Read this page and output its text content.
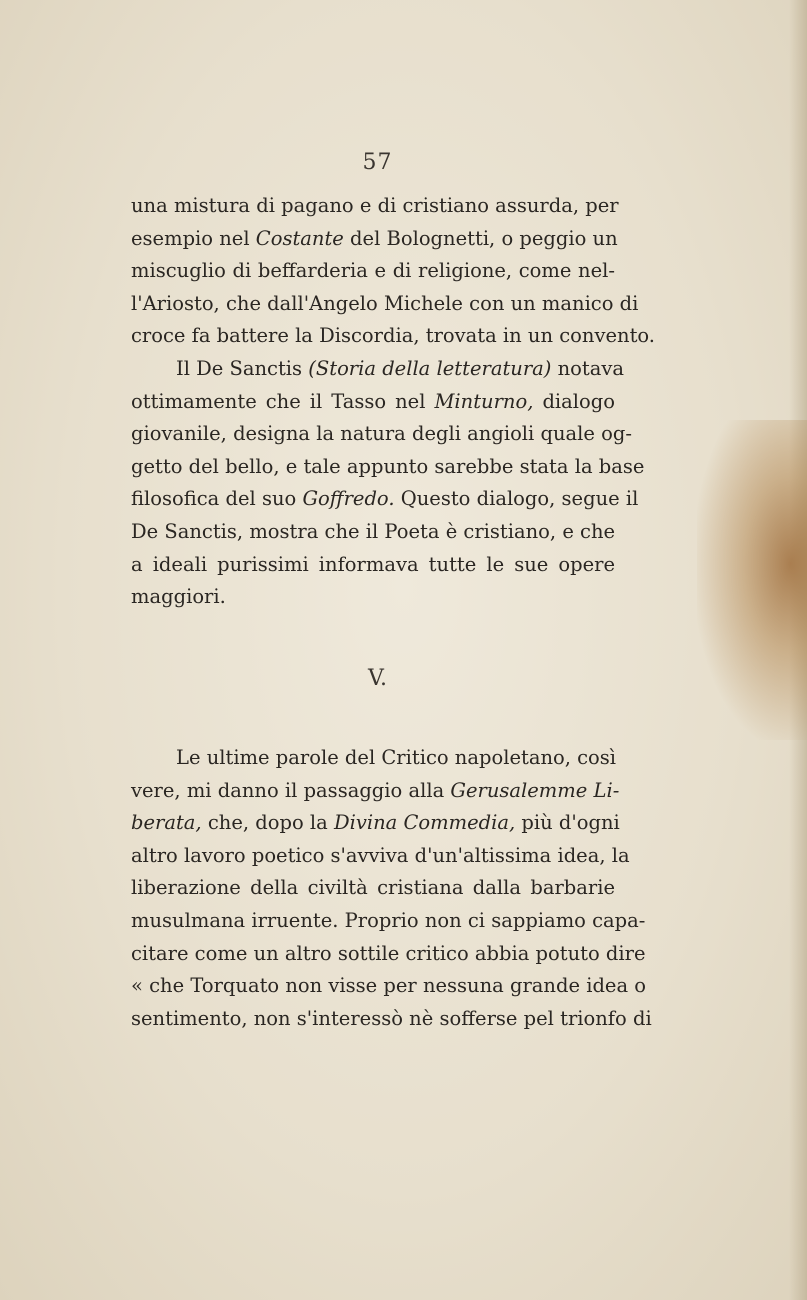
57
una mistura di pagano e di cristiano assurda, per
esempio nel Costante del Bolognetti, o peggio un
miscuglio di beffarderia e di religione, come nel-
l'Ariosto, che dall'Angelo Michele con un manico di
croce fa battere la Discordia, trovata in un convento.
Il De Sanctis (Storia della letteratura) notava
ottimamente che il Tasso nel Minturno, dialogo
giovanile, designa la natura degli angioli quale og-
getto del bello, e tale appunto sarebbe stata la base
filosofica del suo Goffredo. Questo dialogo, segue il
De Sanctis, mostra che il Poeta è cristiano, e che
a ideali purissimi informava tutte le sue opere
maggiori.
V.
Le ultime parole del Critico napoletano, così
vere, mi danno il passaggio alla Gerusalemme Li-
berata, che, dopo la Divina Commedia, più d'ogni
altro lavoro poetico s'avviva d'un'altissima idea, la
liberazione della civiltà cristiana dalla barbarie
musulmana irruente. Proprio non ci sappiamo capa-
citare come un altro sottile critico abbia potuto dire
« che Torquato non visse per nessuna grande idea o
sentimento, non s'interessò nè sofferse pel trionfo di
